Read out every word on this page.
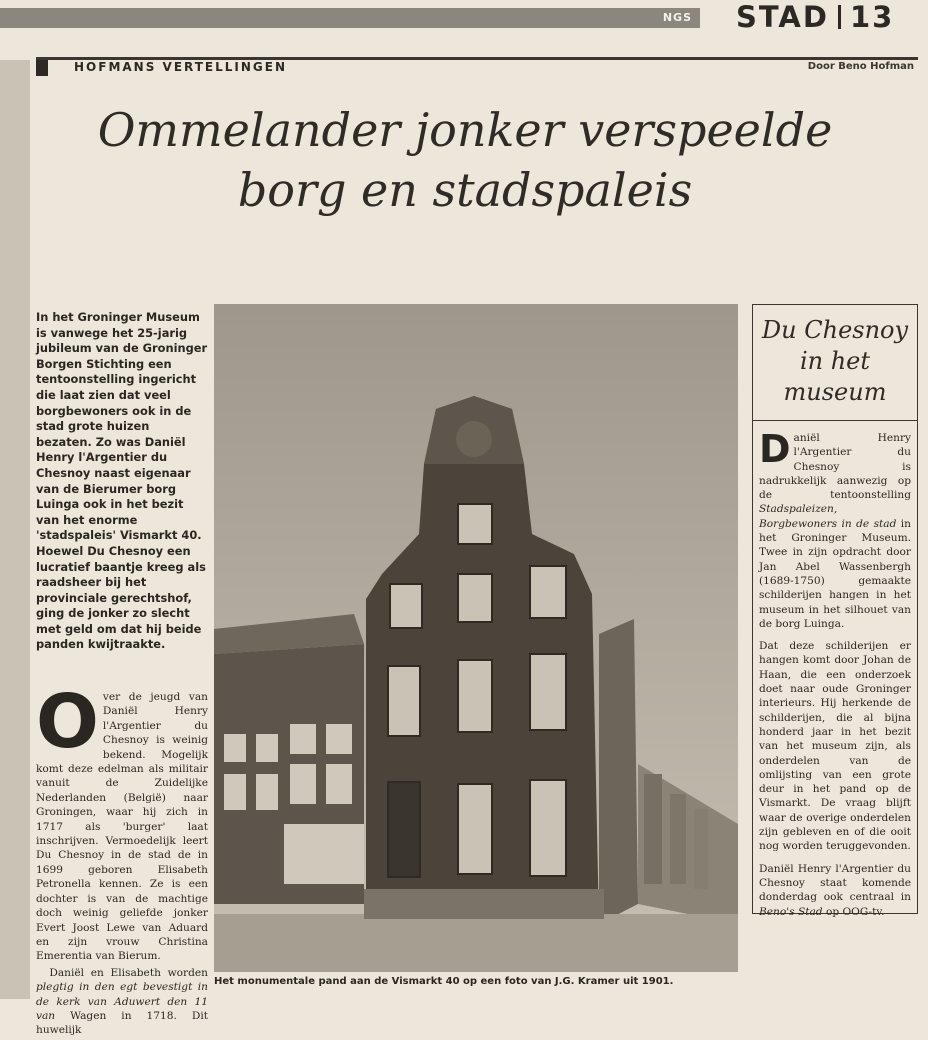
NGS STAD 13
HOFMANS VERTELLINGEN	Door Beno Hofman
Ommelander jonker verspeelde
borg en stadspaleis
In het Groninger Museum is vanwege het 25-jarig jubileum van de Groninger Borgen Stichting een tentoonstelling ingericht die laat zien dat veel borgbewoners ook in de stad grote huizen bezaten. Zo was Daniël Henry l'Argentier du Chesnoy naast eigenaar van de Bierumer borg Luinga ook in het bezit van het enorme 'stadspaleis' Vismarkt 40. Hoewel Du Chesnoy een lucratief baantje kreeg als raadsheer bij het provinciale gerechtshof, ging de jonker zo slecht met geld om dat hij beide panden kwijtraakte.

Over de jeugd van Daniël Henry l'Argentier du Chesnoy is weinig bekend. Mogelijk komt deze edelman als militair vanuit de Zuidelijke Nederlanden (België) naar Groningen, waar hij zich in 1717 als 'burger' laat inschrijven. Vermoedelijk leert Du Chesnoy in de stad de in 1699 geboren Elisabeth Petronella kennen. Ze is een dochter is van de machtige doch weinig geliefde jonker Evert Joost Lewe van Aduard en zijn vrouw Christina Emerentia van Bierum.

Daniël en Elisabeth worden plegtig in den egt bevestigt in de kerk van Aduwert den 11 van Wagen in 1718. Dit huwelijk

Het monumentale pand aan de Vismarkt 40 op een foto van J.G. Kramer uit 1901.
Du Chesnoy in het museum

Daniël Henry l'Argentier du Chesnoy is nadrukkelijk aanwezig op de tentoonstelling Stadspaleizen, Borgbewoners in de stad in het Groninger Museum. Twee in zijn opdracht door Jan Abel Wassenbergh (1689-1750) gemaakte schilderijen hangen in het museum in het silhouet van de borg Luinga.

Dat deze schilderijen er hangen komt door Johan de Haan, die een onderzoek doet naar oude Groninger interieurs. Hij herkende de schilderijen, die al bijna honderd jaar in het bezit van het museum zijn, als onderdelen van de omlijsting van een grote deur in het pand op de Vismarkt. De vraag blijft waar de overige onderdelen zijn gebleven en of die ooit nog worden teruggevonden.

Daniël Henry l'Argentier du Chesnoy staat komende donderdag ook centraal in Beno's Stad op OOG-tv.
